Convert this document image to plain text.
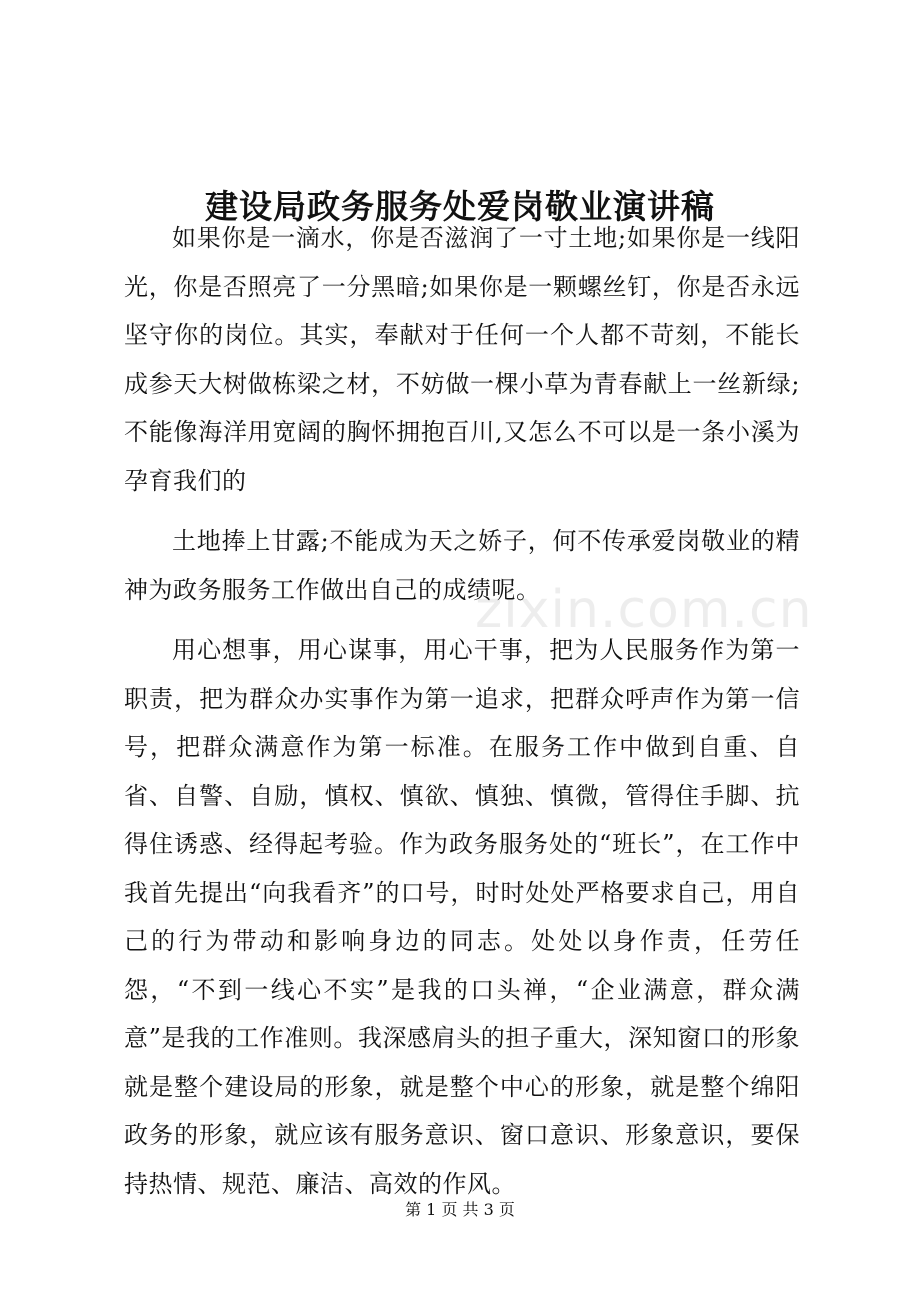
建设局政务服务处爱岗敬业演讲稿

如果你是一滴水，你是否滋润了一寸土地;如果你是一线阳光，你是否照亮了一分黑暗;如果你是一颗螺丝钉，你是否永远坚守你的岗位。其实，奉献对于任何一个人都不苛刻，不能长成参天大树做栋梁之材，不妨做一棵小草为青春献上一丝新绿;不能像海洋用宽阔的胸怀拥抱百川,又怎么不可以是一条小溪为孕育我们的

土地捧上甘露;不能成为天之娇子，何不传承爱岗敬业的精神为政务服务工作做出自己的成绩呢。

用心想事，用心谋事，用心干事，把为人民服务作为第一职责，把为群众办实事作为第一追求，把群众呼声作为第一信号，把群众满意作为第一标准。在服务工作中做到自重、自省、自警、自励，慎权、慎欲、慎独、慎微，管得住手脚、抗得住诱惑、经得起考验。作为政务服务处的“班长”，在工作中我首先提出“向我看齐”的口号，时时处处严格要求自己，用自己的行为带动和影响身边的同志。处处以身作责，任劳任怨，“不到一线心不实”是我的口头禅，“企业满意，群众满意”是我的工作准则。我深感肩头的担子重大，深知窗口的形象就是整个建设局的形象，就是整个中心的形象，就是整个绵阳政务的形象，就应该有服务意识、窗口意识、形象意识，要保持热情、规范、廉洁、高效的作风。

zixin.com.cn
第 1 页 共 3 页
